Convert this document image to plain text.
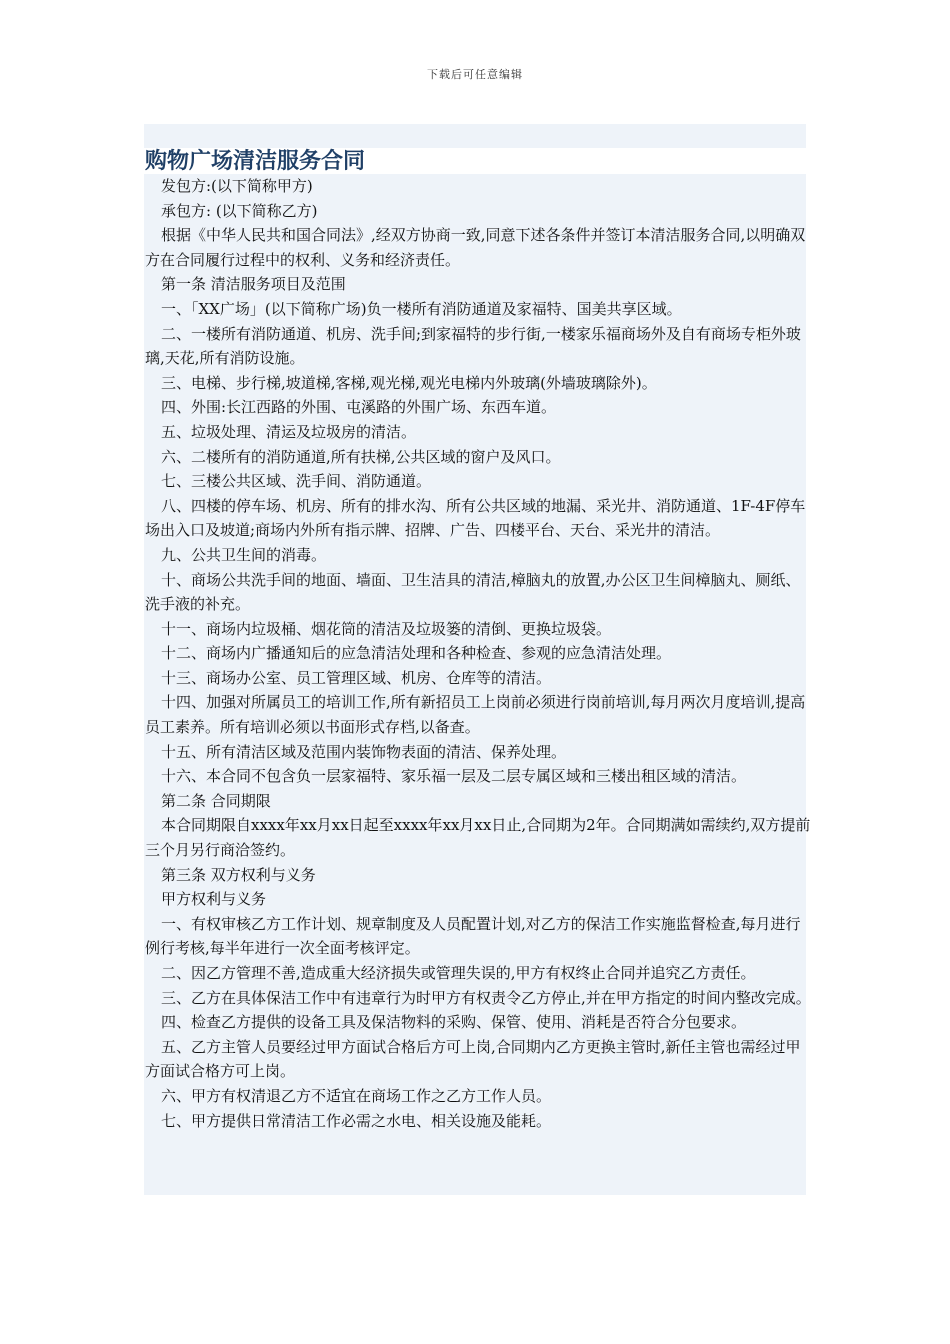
下载后可任意编辑
购物广场清洁服务合同

发包方:(以下简称甲方)

承包方: (以下简称乙方)

根据《中华人民共和国合同法》,经双方协商一致,同意下述各条件并签订本清洁服务合同,以明确双方在合同履行过程中的权利、义务和经济责任。

第一条 清洁服务项目及范围

一、「XX广场」(以下简称广场)负一楼所有消防通道及家福特、国美共享区域。

二、一楼所有消防通道、机房、洗手间;到家福特的步行街,一楼家乐福商场外及自有商场专柜外玻璃,天花,所有消防设施。

三、电梯、步行梯,坡道梯,客梯,观光梯,观光电梯内外玻璃(外墙玻璃除外)。

四、外围:长江西路的外围、屯溪路的外围广场、东西车道。

五、垃圾处理、清运及垃圾房的清洁。

六、二楼所有的消防通道,所有扶梯,公共区域的窗户及风口。

七、三楼公共区域、洗手间、消防通道。

八、四楼的停车场、机房、所有的排水沟、所有公共区域的地漏、采光井、消防通道、1F-4F停车场出入口及坡道;商场内外所有指示牌、招牌、广告、四楼平台、天台、采光井的清洁。

九、公共卫生间的消毒。

十、商场公共洗手间的地面、墙面、卫生洁具的清洁,樟脑丸的放置,办公区卫生间樟脑丸、厕纸、洗手液的补充。

十一、商场内垃圾桶、烟花筒的清洁及垃圾篓的清倒、更换垃圾袋。

十二、商场内广播通知后的应急清洁处理和各种检查、参观的应急清洁处理。

十三、商场办公室、员工管理区域、机房、仓库等的清洁。

十四、加强对所属员工的培训工作,所有新招员工上岗前必须进行岗前培训,每月两次月度培训,提高员工素养。所有培训必须以书面形式存档,以备查。

十五、所有清洁区域及范围内装饰物表面的清洁、保养处理。

十六、本合同不包含负一层家福特、家乐福一层及二层专属区域和三楼出租区域的清洁。

第二条 合同期限

本合同期限自xxxx年xx月xx日起至xxxx年xx月xx日止,合同期为2年。合同期满如需续约,双方提前三个月另行商洽签约。

第三条 双方权利与义务

甲方权利与义务

一、有权审核乙方工作计划、规章制度及人员配置计划,对乙方的保洁工作实施监督检查,每月进行例行考核,每半年进行一次全面考核评定。

二、因乙方管理不善,造成重大经济损失或管理失误的,甲方有权终止合同并追究乙方责任。

三、乙方在具体保洁工作中有违章行为时甲方有权责令乙方停止,并在甲方指定的时间内整改完成。

四、检查乙方提供的设备工具及保洁物料的采购、保管、使用、消耗是否符合分包要求。

五、乙方主管人员要经过甲方面试合格后方可上岗,合同期内乙方更换主管时,新任主管也需经过甲方面试合格方可上岗。

六、甲方有权清退乙方不适宜在商场工作之乙方工作人员。

七、甲方提供日常清洁工作必需之水电、相关设施及能耗。
